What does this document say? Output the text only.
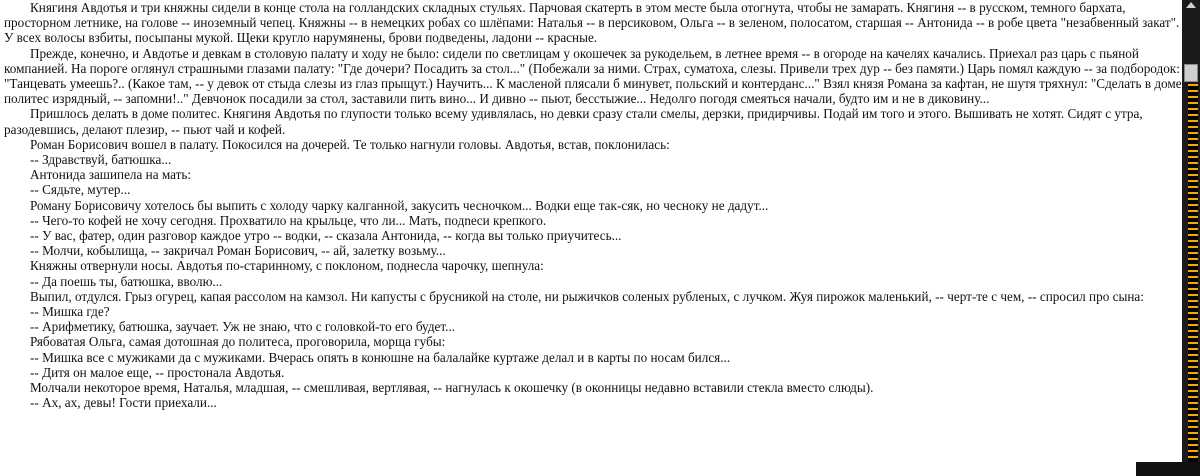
Княгиня Авдотья и три княжны сидели в конце стола на голландских складных стульях. Парчовая скатерть в этом месте была отогнута, чтобы не замарать. Княгиня -- в русском, темного бархата, просторном летнике, на голове -- иноземный чепец. Княжны -- в немецких робах со шлёпами: Наталья -- в персиковом, Ольга -- в зеленом, полосатом, старшая -- Антонида -- в робе цвета "незабвенный закат". У всех волосы взбиты, посыпаны мукой. Щеки кругло нарумянены, брови подведены, ладони -- красные.

Прежде, конечно, и Авдотье и девкам в столовую палату и ходу не было: сидели по светлицам у окошечек за рукодельем, в летнее время -- в огороде на качелях качались. Приехал раз царь с пьяной компанией. На пороге оглянул страшными глазами палату: "Где дочери? Посадить за стол..." (Побежали за ними. Страх, суматоха, слезы. Привели трех дур -- без памяти.) Царь помял каждую -- за подбородок: "Танцевать умеешь?.. (Какое там, -- у девок от стыда слезы из глаз прыщут.) Научить... К масленой плясали б минувет, польский и контерданс..." Взял князя Романа за кафтан, не шутя тряхнул: "Сделать в доме политес изрядный, -- запомни!.." Девчонок посадили за стол, заставили пить вино... И дивно -- пьют, бесстыжие... Недолго погодя смеяться начали, будто им и не в диковину...

Пришлось делать в доме политес. Княгиня Авдотья по глупости только всему удивлялась, но девки сразу стали смелы, дерзки, придирчивы. Подай им того и этого. Вышивать не хотят. Сидят с утра, разодевшись, делают плезир, -- пьют чай и кофей.

Роман Борисович вошел в палату. Покосился на дочерей. Те только нагнули головы. Авдотья, встав, поклонилась:

-- Здравствуй, батюшка...

Антонида зашипела на мать:

-- Сядьте, мутер...

Роману Борисовичу хотелось бы выпить с холоду чарку калганной, закусить чесночком... Водки еще так-сяк, но чесноку не дадут...

-- Чего-то кофей не хочу сегодня. Прохватило на крыльце, что ли... Мать, подnecи крепкого.

-- У вас, фатер, один разговор каждое утро -- водки, -- сказала Антонида, -- когда вы только приучитесь...

-- Молчи, кобылища, -- закричал Роман Борисович, -- ай, залетку возьму...

Княжны отвернули носы. Авдотья по-старинному, с поклоном, поднесла чарочку, шепнула:

-- Да поешь ты, батюшка, вволю...

Выпил, отдулся. Грыз огурец, капая рассолом на камзол. Ни капусты с брусникой на столе, ни рыжичков соленых рубленых, с лучком. Жуя пирожок маленький, -- черт-те с чем, -- спросил про сына:

-- Мишка где?

-- Арифметику, батюшка, заучает. Уж не знаю, что с головкой-то его будет...

Рябоватая Ольга, самая дотошная до политеса, проговорила, морща губы:

-- Мишка все с мужиками да с мужиками. Вчерась опять в конюшне на балалайке куртаже делал и в карты по носам бился...

-- Дитя он малое еще, -- простонала Авдотья.

Молчали некоторое время, Наталья, младшая, -- смешливая, вертлявая, -- нагнулась к окошечку (в оконницы недавно вставили стекла вместо слюды).

-- Ах, ах, девы! Гости приехали...
